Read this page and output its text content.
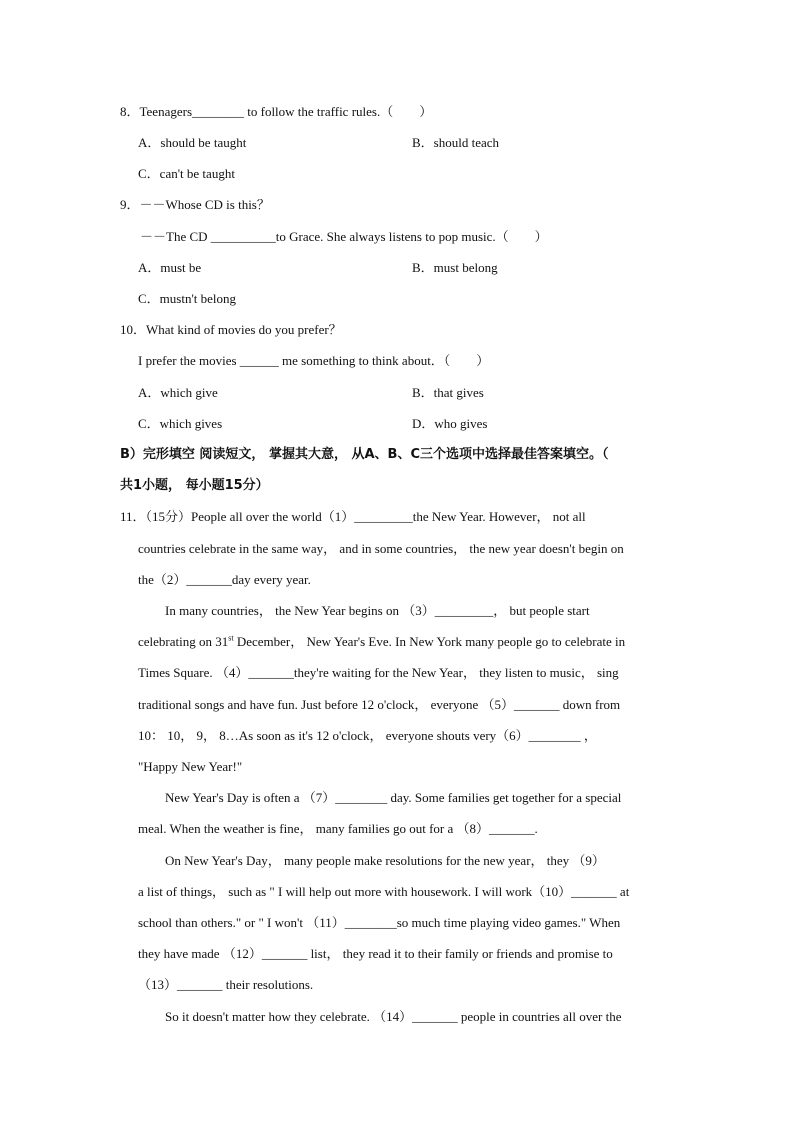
8．Teenagers________ to follow the traffic rules.（　　）
A．should be taught	B．should teach
C．can't be taught
9．－－Whose CD is this？
－－The CD __________to Grace. She always listens to pop music.（　　）
A．must be	B．must belong
C．mustn't belong
10．What kind of movies do you prefer？
I prefer the movies ______ me something to think about．（　　）
A．which give	B．that gives
C．which gives	D．who gives
B）完形填空 阅读短文， 掌握其大意， 从A、B、C三个选项中选择最佳答案填空。（
共1小题， 每小题15分）
11．（15分）People all over the world（1）_________the New Year. However， not all
countries celebrate in the same way， and in some countries， the new year doesn't begin on
the（2）_______day every year.
In many countries， the New Year begins on （3）_________， but people start
celebrating on 31st December， New Year's Eve. In New York many people go to celebrate in
Times Square. （4）_______they're waiting for the New Year， they listen to music， sing
traditional songs and have fun. Just before 12 o'clock， everyone （5）_______ down from
10： 10， 9， 8…As soon as it's 12 o'clock， everyone shouts very（6）________ ，
"Happy New Year!"
New Year's Day is often a （7）________ day. Some families get together for a special
meal. When the weather is fine， many families go out for a （8）_______.
On New Year's Day， many people make resolutions for the new year， they （9）
a list of things， such as " I will help out more with housework. I will work（10）_______ at
school than others." or " I won't （11）________so much time playing video games." When
they have made （12）_______ list， they read it to their family or friends and promise to
（13）_______ their resolutions.
So it doesn't matter how they celebrate. （14）_______ people in countries all over the
